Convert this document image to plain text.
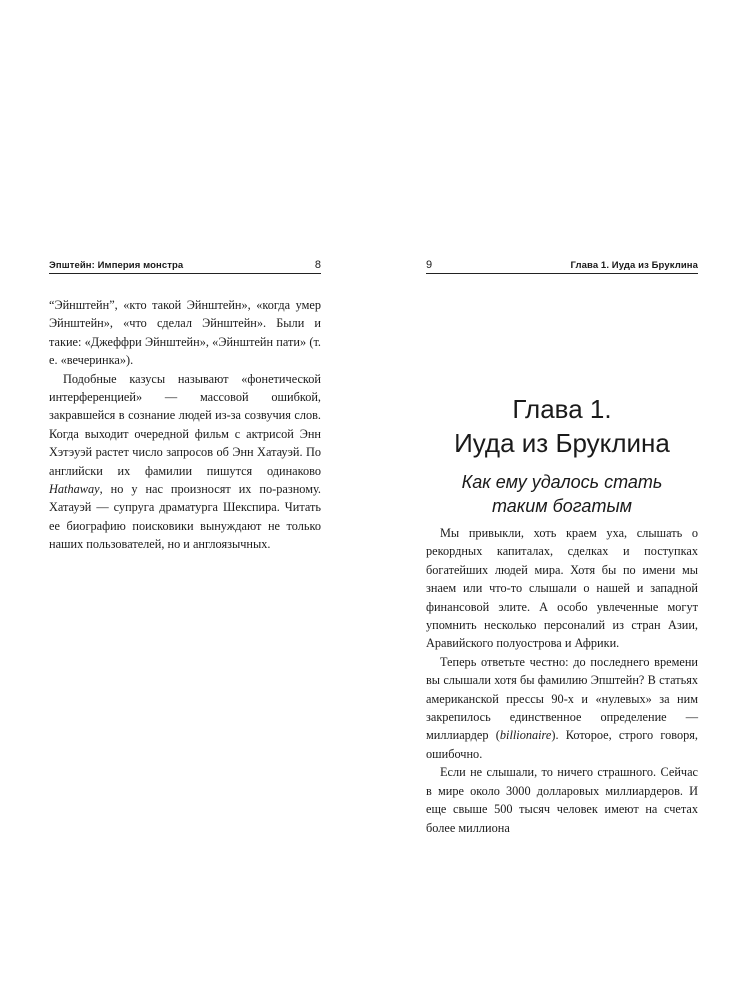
Эпштейн: Империя монстра	8

“Эйнштейн”, «кто такой Эйнштейн», «когда умер Эйнштейн», «что сделал Эйнштейн». Были и такие: «Джеффри Эйнштейн», «Эйнштейн пати» (т. е. «вечеринка»).

Подобные казусы называют «фонетической интерференцией» — массовой ошибкой, закравшейся в сознание людей из-за созвучия слов. Когда выходит очередной фильм с актрисой Энн Хэтэуэй растет число запросов об Энн Хатауэй. По английски их фамилии пишутся одинаково Hathaway, но у нас произносят их по-разному. Хатауэй — супруга драматурга Шекспира. Читать ее биографию поисковики вынуждают не только наших пользователей, но и англоязычных.

9	Глава 1. Иуда из Бруклина
Глава 1.
Иуда из Бруклина
Как ему удалось стать
таким богатым

Мы привыкли, хоть краем уха, слышать о рекордных капиталах, сделках и поступках богатейших людей мира. Хотя бы по имени мы знаем или что-то слышали о нашей и западной финансовой элите. А особо увлеченные могут упомнить несколько персоналий из стран Азии, Аравийского полуострова и Африки.

Теперь ответьте честно: до последнего времени вы слышали хотя бы фамилию Эпштейн? В статьях американской прессы 90-х и «нулевых» за ним закрепилось единственное определение — миллиардер (billionaire). Которое, строго говоря, ошибочно.

Если не слышали, то ничего страшного. Сейчас в мире около 3000 долларовых миллиардеров. И еще свыше 500 тысяч человек имеют на счетах более миллиона
